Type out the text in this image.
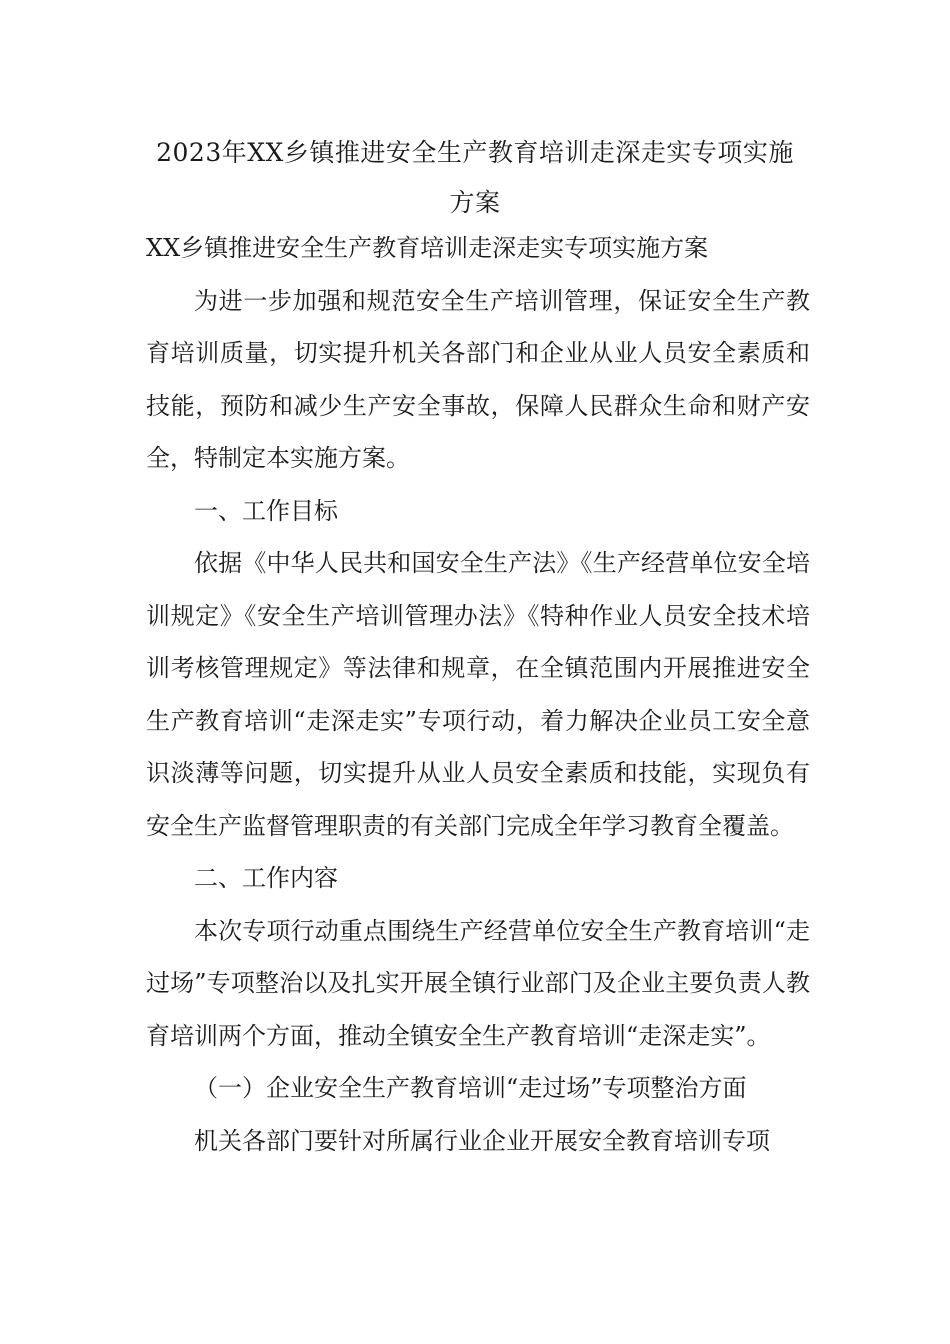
2023年XX乡镇推进安全生产教育培训走深走实专项实施
方案

XX乡镇推进安全生产教育培训走深走实专项实施方案

为进一步加强和规范安全生产培训管理，保证安全生产教育培训质量，切实提升机关各部门和企业从业人员安全素质和技能，预防和减少生产安全事故，保障人民群众生命和财产安全，特制定本实施方案。

一、工作目标

依据《中华人民共和国安全生产法》《生产经营单位安全培训规定》《安全生产培训管理办法》《特种作业人员安全技术培训考核管理规定》等法律和规章，在全镇范围内开展推进安全生产教育培训“走深走实”专项行动，着力解决企业员工安全意识淡薄等问题，切实提升从业人员安全素质和技能，实现负有安全生产监督管理职责的有关部门完成全年学习教育全覆盖。

二、工作内容

本次专项行动重点围绕生产经营单位安全生产教育培训“走过场”专项整治以及扎实开展全镇行业部门及企业主要负责人教育培训两个方面，推动全镇安全生产教育培训“走深走实”。

（一）企业安全生产教育培训“走过场”专项整治方面

机关各部门要针对所属行业企业开展安全教育培训专项
